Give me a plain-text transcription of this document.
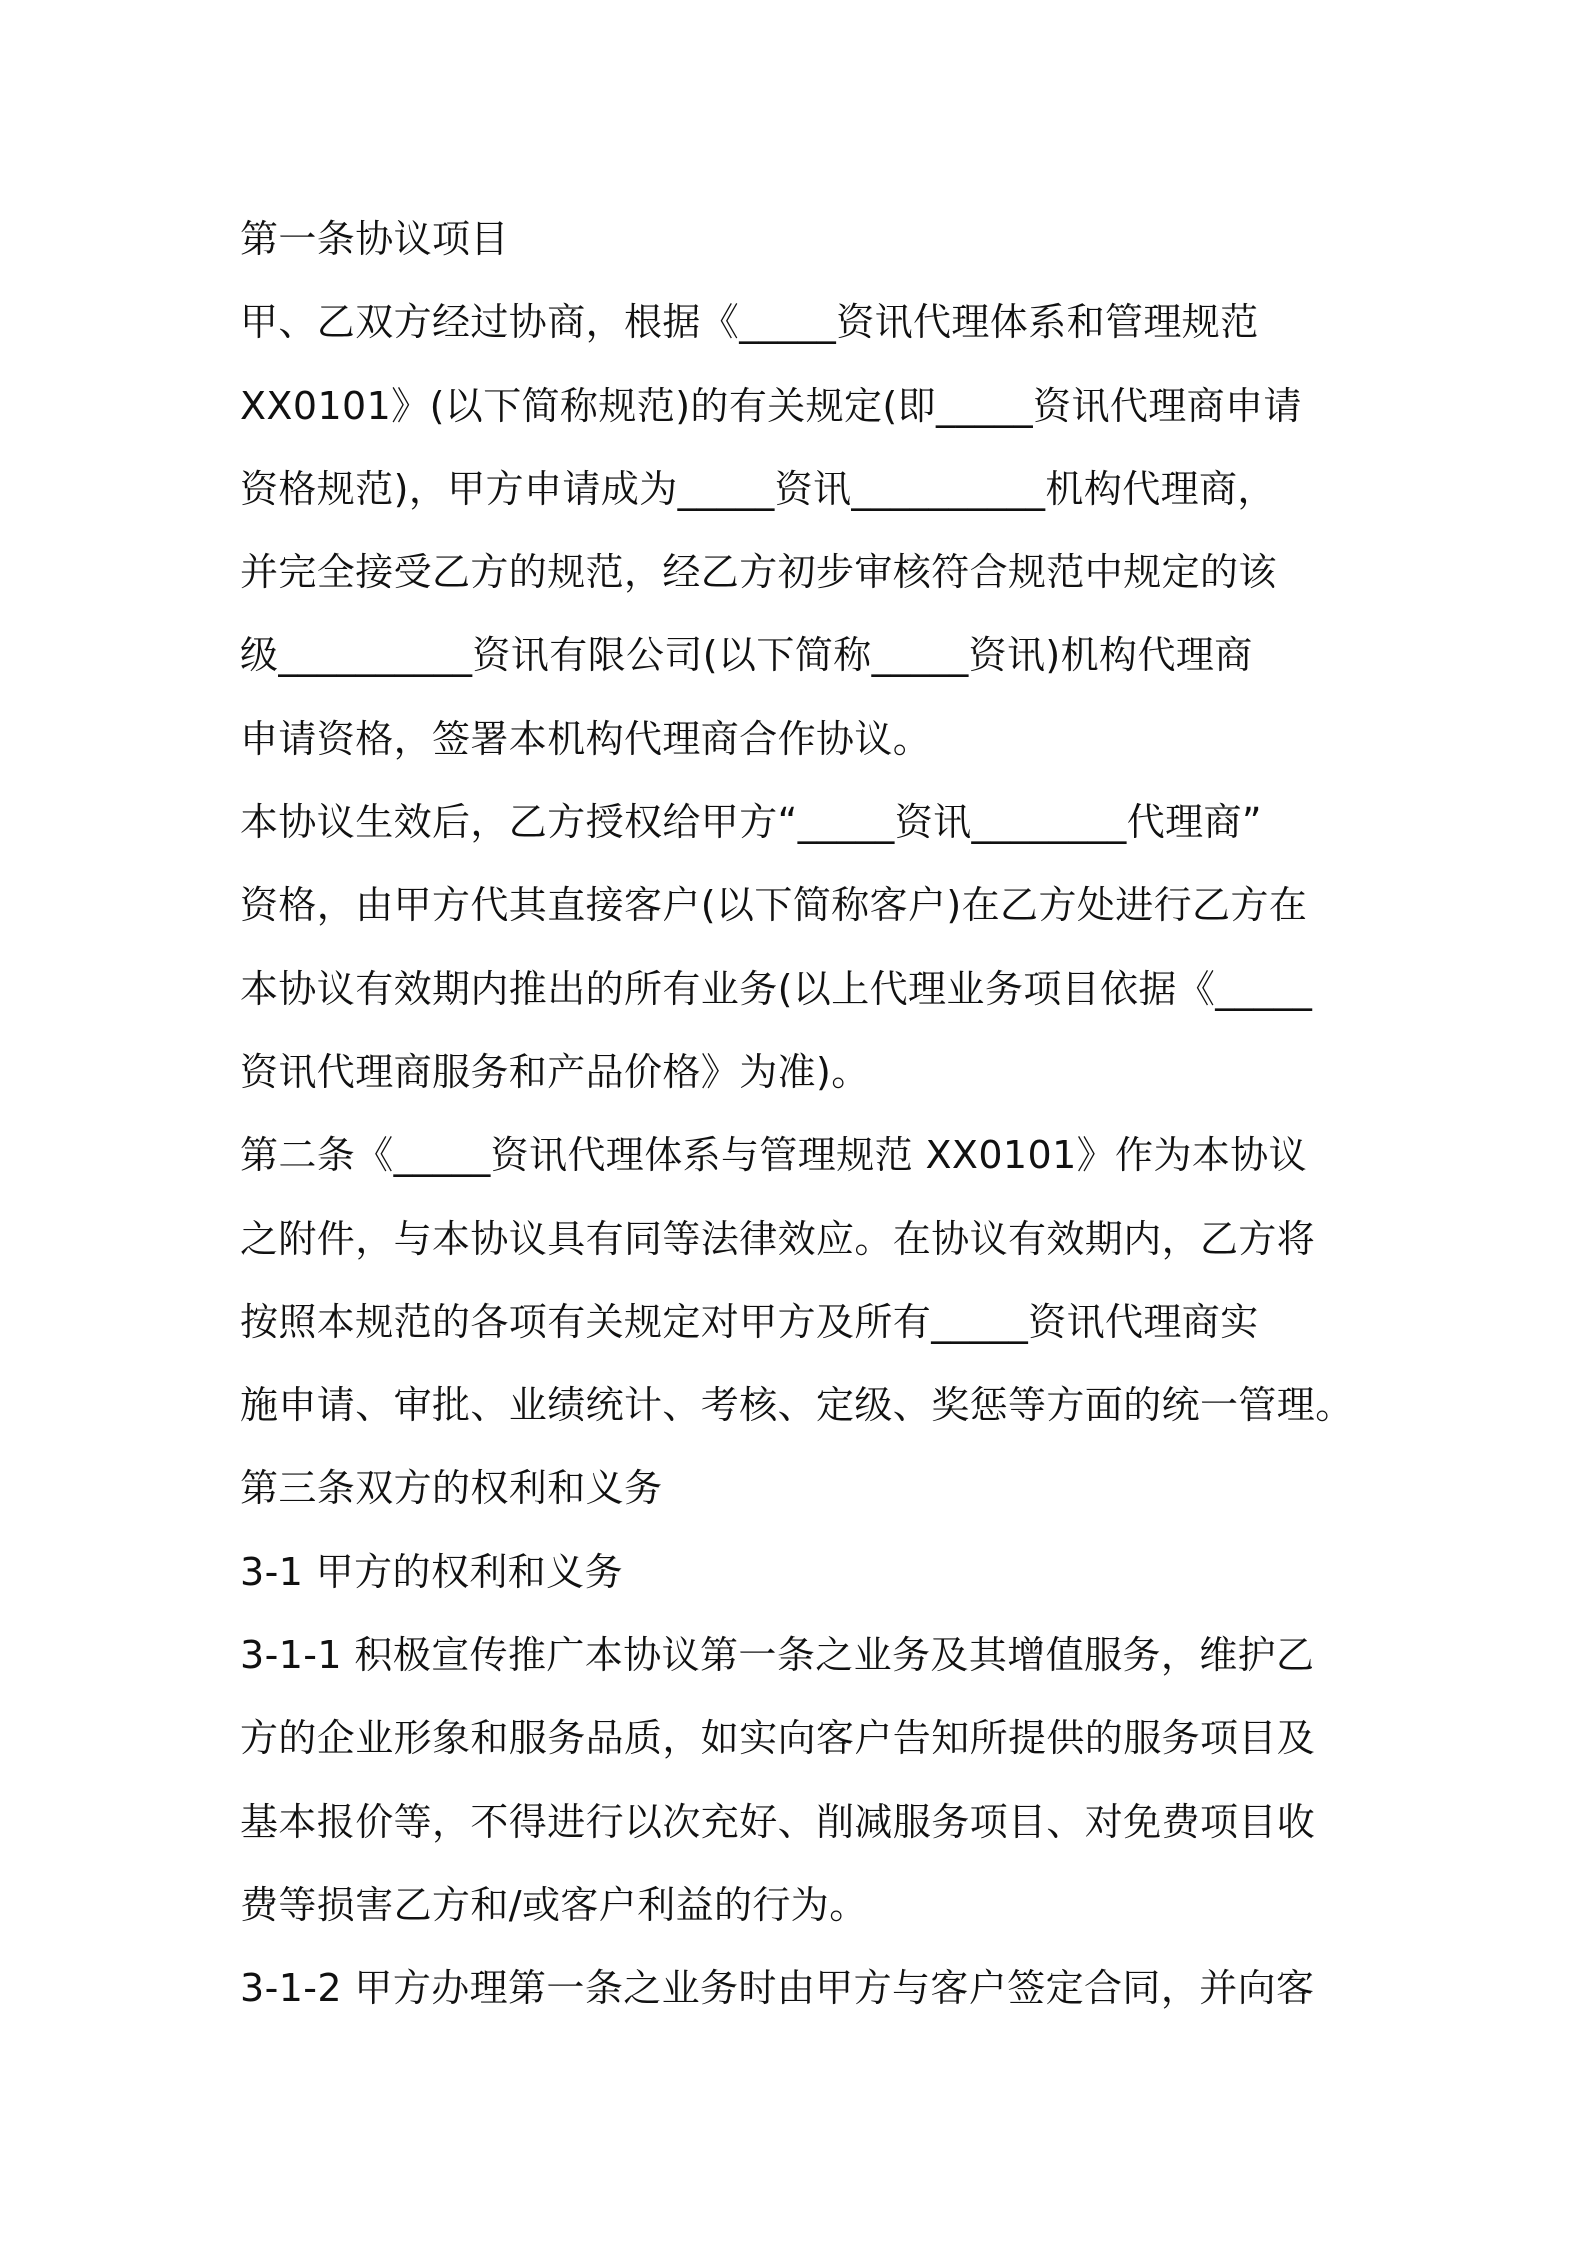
第一条协议项目
甲、乙双方经过协商，根据《_____资讯代理体系和管理规范
XX0101》(以下简称规范)的有关规定(即_____资讯代理商申请
资格规范)，甲方申请成为_____资讯__________机构代理商，
并完全接受乙方的规范，经乙方初步审核符合规范中规定的该
级__________资讯有限公司(以下简称_____资讯)机构代理商
申请资格，签署本机构代理商合作协议。
本协议生效后，乙方授权给甲方“_____资讯________代理商”
资格，由甲方代其直接客户(以下简称客户)在乙方处进行乙方在
本协议有效期内推出的所有业务(以上代理业务项目依据《_____
资讯代理商服务和产品价格》为准)。
第二条《_____资讯代理体系与管理规范 XX0101》作为本协议
之附件，与本协议具有同等法律效应。在协议有效期内，乙方将
按照本规范的各项有关规定对甲方及所有_____资讯代理商实
施申请、审批、业绩统计、考核、定级、奖惩等方面的统一管理。
第三条双方的权利和义务
3-1 甲方的权利和义务
3-1-1 积极宣传推广本协议第一条之业务及其增值服务，维护乙
方的企业形象和服务品质，如实向客户告知所提供的服务项目及
基本报价等，不得进行以次充好、削减服务项目、对免费项目收
费等损害乙方和/或客户利益的行为。
3-1-2 甲方办理第一条之业务时由甲方与客户签定合同，并向客
